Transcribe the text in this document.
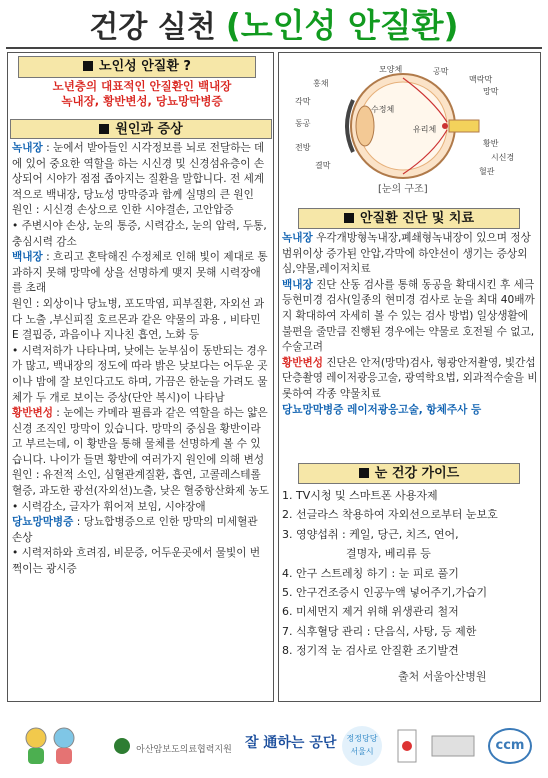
건강 실천 (노인성 안질환)
노인성 안질환 ?
노년층의 대표적인 안질환인 백내장
녹내장, 황반변성, 당뇨망막병증
원인과 증상

녹내장 : 눈에서 받아들인 시각정보를 뇌로 전달하는 데에 있어 중요한 역할을 하는 시신경 및 신경섬유층이 손상되어 시야가 점점 좁아지는 질환을 말합니다. 전 세계적으로 백내장, 당뇨성 망막증과 함께 실명의 큰 원인

원인 : 시신경 손상으로 인한 시야결손, 고안압증

• 주변시야 손상, 눈의 통증, 시력감소, 눈의 압력, 두통, 충심시력 감소

백내장 : 흐리고 혼탁해진 수정체로 인해 빛이 제대로 통과하지 못해 망막에 상을 선명하게 맺지 못해 시력장애를 초래

원인 : 외상이나 당뇨병, 포도막염, 피부질환, 자외선 과다 노출 ,부신피질 호르몬과 같은 약물의 과용 , 비타민 E 결핍증, 과음이나 지나친 흡연, 노화 등

• 시력저하가 나타나며, 낮에는 눈부심이 동반되는 경우가 많고, 백내장의 정도에 따라 밝은 낮보다는 어두운 곳이나 밤에 잘 보인다고도 하며, 가끔은 한눈을 가려도 물체가 두 개로 보이는 증상(단안 복시)이 나타남

황반변성 : 눈에는 카메라 필름과 같은 역할을 하는 얇은 신경 조직인 망막이 있습니다. 망막의 중심을 황반이라고 부르는데, 이 황반을 통해 물체를 선명하게 볼 수 있습니다. 나이가 들면 황반에 여러가지 원인에 의해 변성

원인 : 유전적 소인, 심혈관계질환, 흡연, 고콜레스테롤혈증, 과도한 광선(자외선)노출, 낮은 혈중항산화제 농도

• 시력감소, 글자가 휘어져 보임, 시야장애

당뇨망막병증 : 당뇨합병증으로 인한 망막의 미세혈관 손상

• 시력저하와 흐려짐, 비문증, 어두운곳에서 물빛이 번쩍이는 광시증

모양체
홍채
각막
동공
수정체
전방
결막
공막
맥락막
망막
유리체
황반
시신경
혈관
[눈의 구조]
안질환 진단 및 치료

녹내장 우각개방형녹내장,폐쇄형녹내장이 있으며 정상범위이상 증가된 안압,각막에 하얀선이 생기는 증상외심,약물,레이저치료

백내장 진단 산동 검사를 통해 동공을 확대시킨 후 세극등현미경 검사(일종의 현미경 검사로 눈을 최대 40배까지 확대하여 자세히 볼 수 있는 검사 방법) 일상생활에 불편을 줄만큼 진행된 경우에는 약물로 호전될 수 없고, 수술고려

황반변성 진단은 안저(망막)검사, 형광안저촬영, 빛간섭단층촬영 레이저광응고술, 광역학요법, 외과적수술을 비롯하여 각종 약물치료

당뇨망막병증 레이저광응고술, 항체주사 등

눈 건강 가이드
1. TV시청 및 스마트폰 사용자제
2. 선글라스 착용하여 자외선으로부터 눈보호
3. 영양섭취 : 케일, 당근, 치즈, 연어,
결명자, 베리류 등
4. 안구 스트레칭 하기 : 눈 피로 풀기
5. 안구건조증시 인공누액 넣어주기,가습기
6. 미세먼지 제거 위해 위생관리 철저
7. 식후혈당 관리 : 단음식, 사탕, 등 제한
8. 정기적 눈 검사로 안질환 조기발견
출처 서울아산병원
아산암보도의료협력지원 잘 通하는 공단	정정당당 서울시	ccm
